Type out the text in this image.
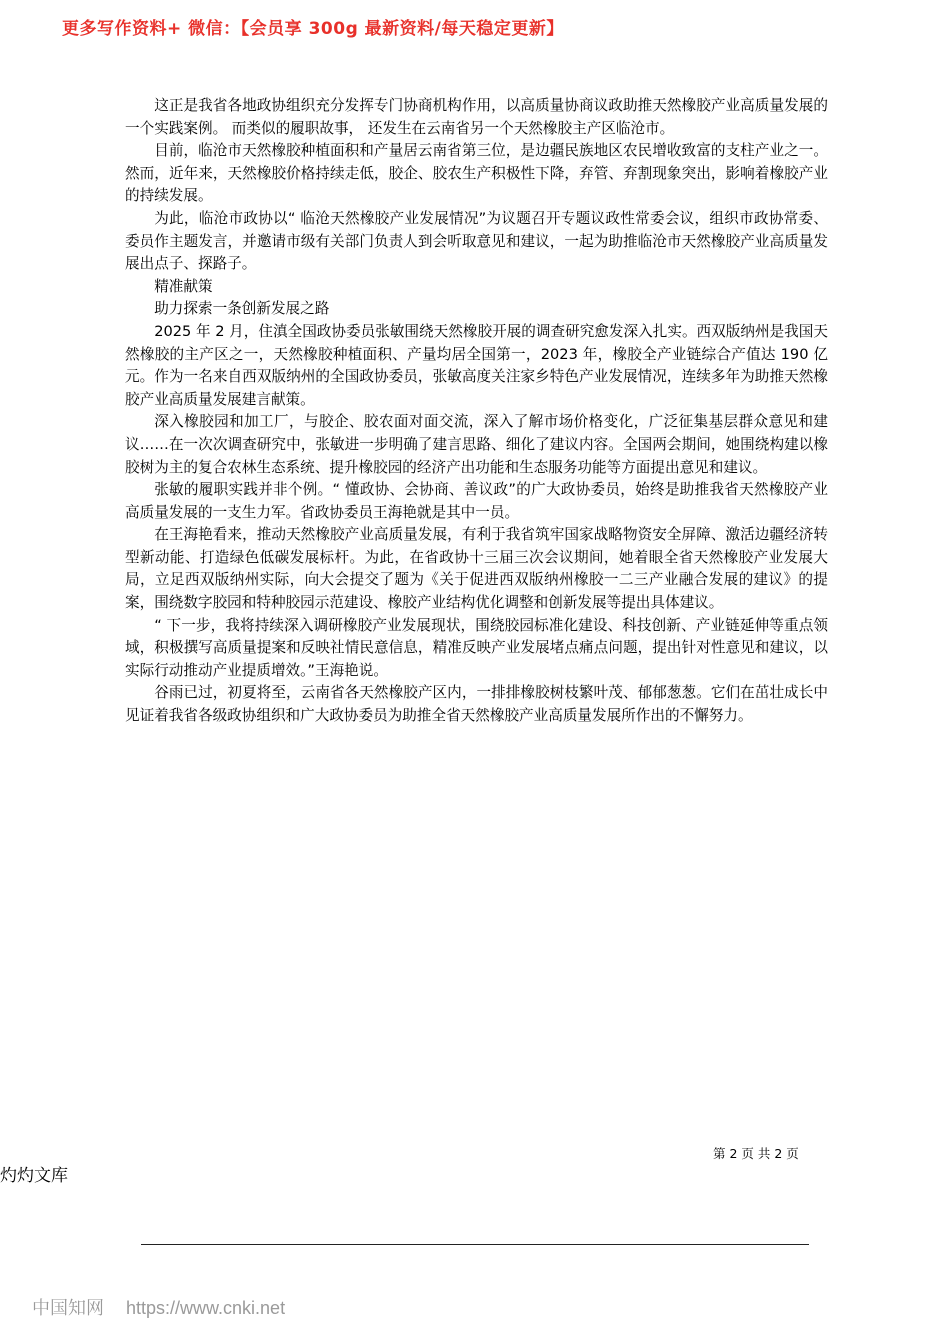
更多写作资料+ 微信：【会员享 300g 最新资料/每天稳定更新】

这正是我省各地政协组织充分发挥专门协商机构作用，以高质量协商议政助推天然橡胶产业高质量发展的一个实践案例。 而类似的履职故事， 还发生在云南省另一个天然橡胶主产区临沧市。

目前，临沧市天然橡胶种植面积和产量居云南省第三位，是边疆民族地区农民增收致富的支柱产业之一。然而，近年来，天然橡胶价格持续走低，胶企、胶农生产积极性下降，弃管、弃割现象突出，影响着橡胶产业的持续发展。

为此，临沧市政协以“ 临沧天然橡胶产业发展情况”为议题召开专题议政性常委会议，组织市政协常委、委员作主题发言，并邀请市级有关部门负责人到会听取意见和建议，一起为助推临沧市天然橡胶产业高质量发展出点子、探路子。

精准献策

助力探索一条创新发展之路

2025 年 2 月，住滇全国政协委员张敏围绕天然橡胶开展的调查研究愈发深入扎实。西双版纳州是我国天然橡胶的主产区之一，天然橡胶种植面积、产量均居全国第一，2023 年，橡胶全产业链综合产值达 190 亿元。作为一名来自西双版纳州的全国政协委员，张敏高度关注家乡特色产业发展情况，连续多年为助推天然橡胶产业高质量发展建言献策。

深入橡胶园和加工厂，与胶企、胶农面对面交流，深入了解市场价格变化，广泛征集基层群众意见和建议……在一次次调查研究中，张敏进一步明确了建言思路、细化了建议内容。全国两会期间，她围绕构建以橡胶树为主的复合农林生态系统、提升橡胶园的经济产出功能和生态服务功能等方面提出意见和建议。

张敏的履职实践并非个例。“ 懂政协、会协商、善议政”的广大政协委员，始终是助推我省天然橡胶产业高质量发展的一支生力军。省政协委员王海艳就是其中一员。

在王海艳看来，推动天然橡胶产业高质量发展，有利于我省筑牢国家战略物资安全屏障、激活边疆经济转型新动能、打造绿色低碳发展标杆。为此，在省政协十三届三次会议期间，她着眼全省天然橡胶产业发展大局，立足西双版纳州实际，向大会提交了题为《关于促进西双版纳州橡胶一二三产业融合发展的建议》的提案，围绕数字胶园和特种胶园示范建设、橡胶产业结构优化调整和创新发展等提出具体建议。

“ 下一步，我将持续深入调研橡胶产业发展现状，围绕胶园标准化建设、科技创新、产业链延伸等重点领域，积极撰写高质量提案和反映社情民意信息，精准反映产业发展堵点痛点问题，提出针对性意见和建议，以实际行动推动产业提质增效。”王海艳说。

谷雨已过，初夏将至，云南省各天然橡胶产区内，一排排橡胶树枝繁叶茂、郁郁葱葱。它们在茁壮成长中见证着我省各级政协组织和广大政协委员为助推全省天然橡胶产业高质量发展所作出的不懈努力。

第 2 页 共 2 页
灼灼文库
中国知网 https://www.cnki.net
